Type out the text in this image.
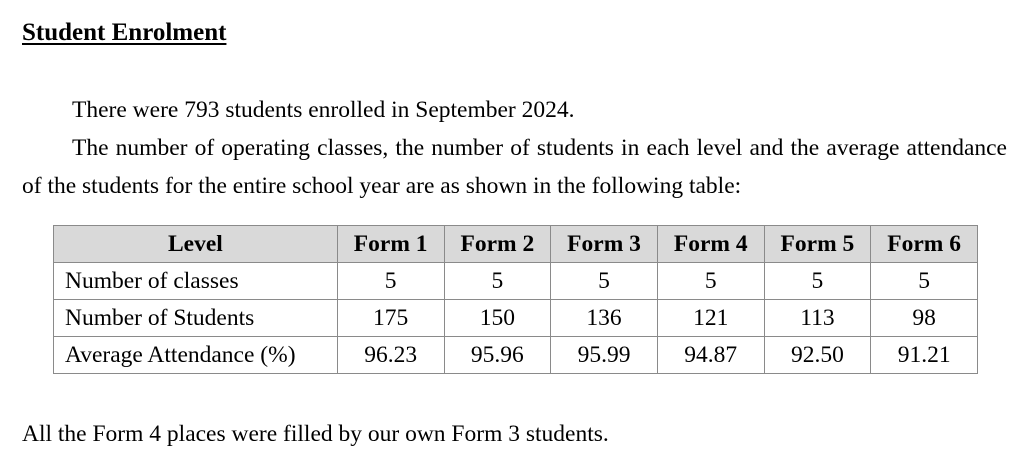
Student Enrolment

There were 793 students enrolled in September 2024.

The number of operating classes, the number of students in each level and the average attendance of the students for the entire school year are as shown in the following table:

Level	Form 1	Form 2	Form 3	Form 4	Form 5	Form 6
Number of classes	5	5	5	5	5	5
Number of Students	175	150	136	121	113	98
Average Attendance (%)	96.23	95.96	95.99	94.87	92.50	91.21

All the Form 4 places were filled by our own Form 3 students.
